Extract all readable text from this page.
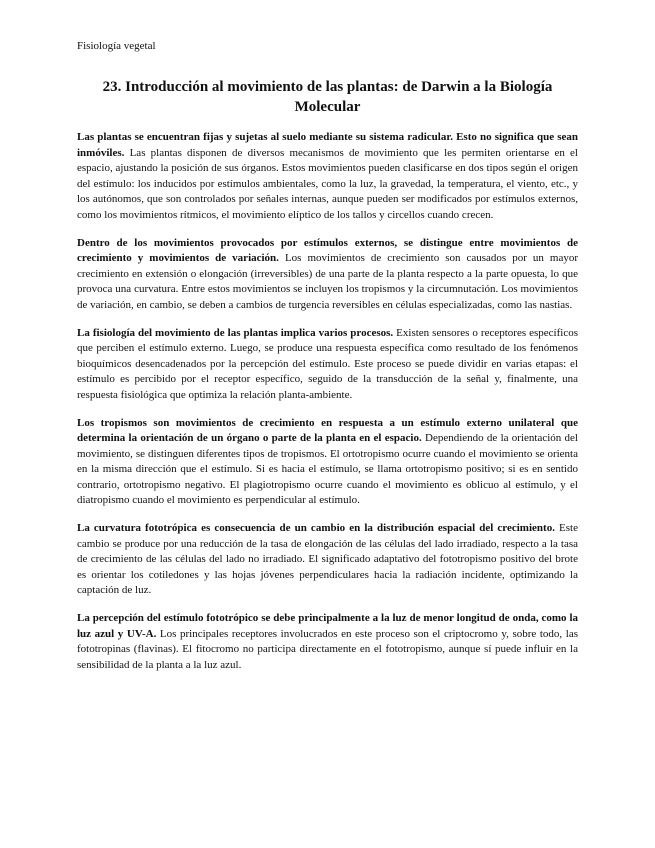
Fisiología vegetal
23. Introducción al movimiento de las plantas: de Darwin a la Biología Molecular

Las plantas se encuentran fijas y sujetas al suelo mediante su sistema radicular. Esto no significa que sean inmóviles. Las plantas disponen de diversos mecanismos de movimiento que les permiten orientarse en el espacio, ajustando la posición de sus órganos. Estos movimientos pueden clasificarse en dos tipos según el origen del estímulo: los inducidos por estímulos ambientales, como la luz, la gravedad, la temperatura, el viento, etc., y los autónomos, que son controlados por señales internas, aunque pueden ser modificados por estímulos externos, como los movimientos rítmicos, el movimiento elíptico de los tallos y circellos cuando crecen.

Dentro de los movimientos provocados por estímulos externos, se distingue entre movimientos de crecimiento y movimientos de variación. Los movimientos de crecimiento son causados por un mayor crecimiento en extensión o elongación (irreversibles) de una parte de la planta respecto a la parte opuesta, lo que provoca una curvatura. Entre estos movimientos se incluyen los tropismos y la circumnutación. Los movimientos de variación, en cambio, se deben a cambios de turgencia reversibles en células especializadas, como las nastias.

La fisiología del movimiento de las plantas implica varios procesos. Existen sensores o receptores específicos que perciben el estímulo externo. Luego, se produce una respuesta específica como resultado de los fenómenos bioquímicos desencadenados por la percepción del estímulo. Este proceso se puede dividir en varias etapas: el estímulo es percibido por el receptor específico, seguido de la transducción de la señal y, finalmente, una respuesta fisiológica que optimiza la relación planta-ambiente.

Los tropismos son movimientos de crecimiento en respuesta a un estímulo externo unilateral que determina la orientación de un órgano o parte de la planta en el espacio. Dependiendo de la orientación del movimiento, se distinguen diferentes tipos de tropismos. El ortotropismo ocurre cuando el movimiento se orienta en la misma dirección que el estímulo. Si es hacia el estímulo, se llama ortotropismo positivo; si es en sentido contrario, ortotropismo negativo. El plagiotropismo ocurre cuando el movimiento es oblicuo al estímulo, y el diatropismo cuando el movimiento es perpendicular al estímulo.

La curvatura fototrópica es consecuencia de un cambio en la distribución espacial del crecimiento. Este cambio se produce por una reducción de la tasa de elongación de las células del lado irradiado, respecto a la tasa de crecimiento de las células del lado no irradiado. El significado adaptativo del fototropismo positivo del brote es orientar los cotiledones y las hojas jóvenes perpendiculares hacia la radiación incidente, optimizando la captación de luz.

La percepción del estímulo fototrópico se debe principalmente a la luz de menor longitud de onda, como la luz azul y UV-A. Los principales receptores involucrados en este proceso son el criptocromo y, sobre todo, las fototropinas (flavinas). El fitocromo no participa directamente en el fototropismo, aunque sí puede influir en la sensibilidad de la planta a la luz azul.
